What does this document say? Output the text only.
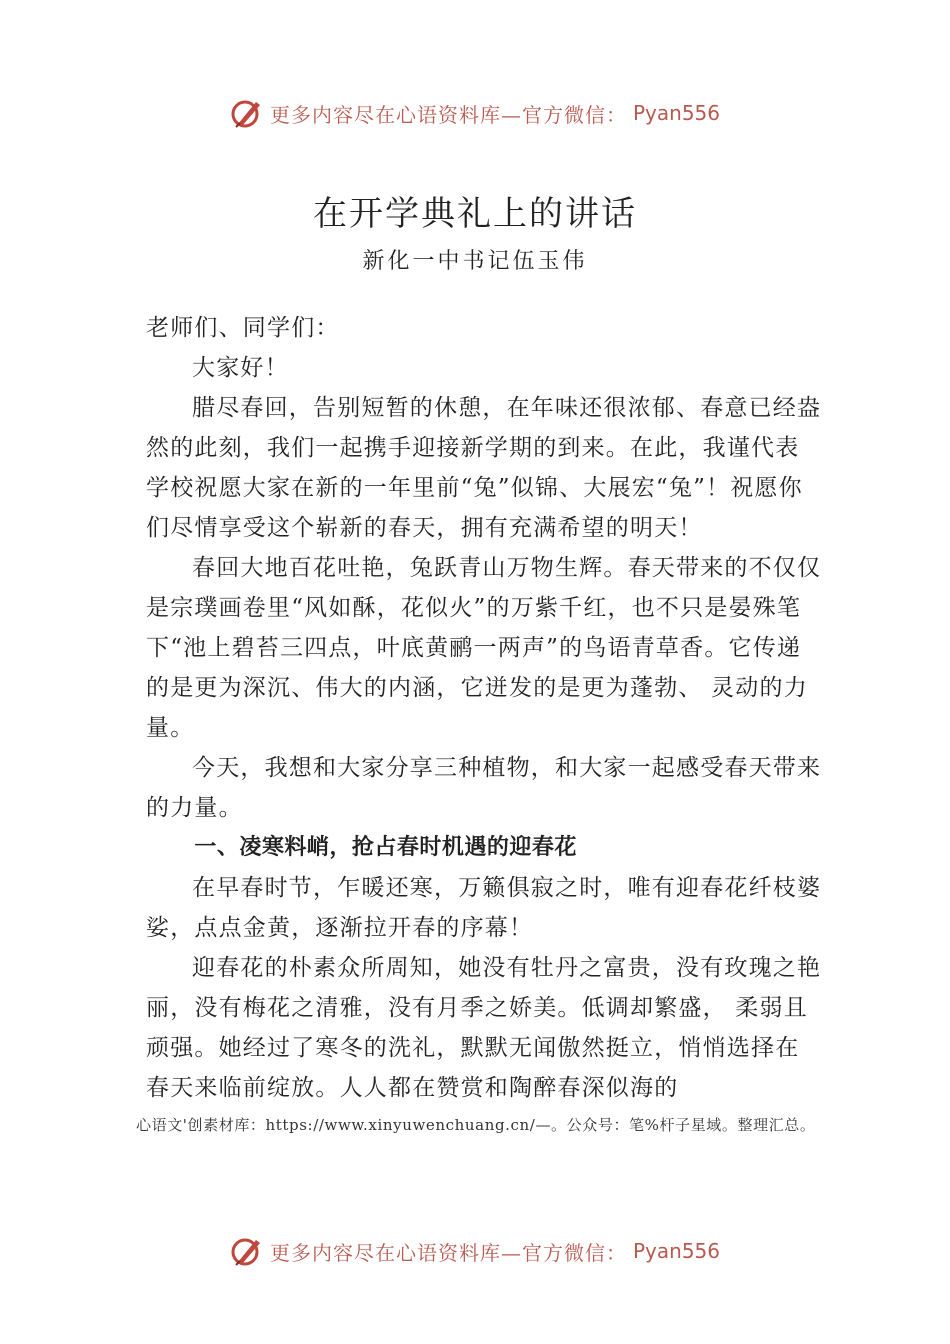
更多内容尽在心语资料库—官方微信： Pyan556
在开学典礼上的讲话
新化一中书记伍玉伟

老师们、同学们：

大家好！

腊尽春回，告别短暂的休憩，在年味还很浓郁、春意已经盎然的此刻，我们一起携手迎接新学期的到来。在此，我谨代表学校祝愿大家在新的一年里前“兔”似锦、大展宏“兔”！祝愿你们尽情享受这个崭新的春天，拥有充满希望的明天！

春回大地百花吐艳，兔跃青山万物生辉。春天带来的不仅仅是宗璞画卷里“风如酥，花似火”的万紫千红，也不只是晏殊笔下“池上碧苔三四点，叶底黄鹂一两声”的鸟语青草香。它传递的是更为深沉、伟大的内涵，它迸发的是更为蓬勃、 灵动的力量。

今天，我想和大家分享三种植物，和大家一起感受春天带来的力量。

一、凌寒料峭，抢占春时机遇的迎春花

在早春时节，乍暖还寒，万籁俱寂之时，唯有迎春花纤枝婆娑，点点金黄，逐渐拉开春的序幕！

迎春花的朴素众所周知，她没有牡丹之富贵，没有玫瑰之艳丽，没有梅花之清雅，没有月季之娇美。低调却繁盛， 柔弱且顽强。她经过了寒冬的洗礼，默默无闻傲然挺立，悄悄选择在春天来临前绽放。人人都在赞赏和陶醉春深似海的

心语文'创素材库：https://www.xinyuwenchuang.cn/—。公众号：笔%杆子星域。整理汇总。
更多内容尽在心语资料库—官方微信： Pyan556
